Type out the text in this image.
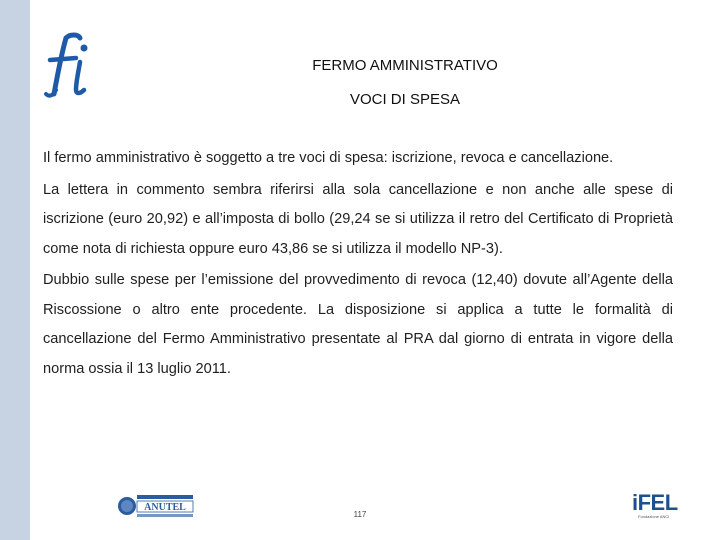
FERMO AMMINISTRATIVO
VOCI DI SPESA

Il fermo amministrativo è soggetto a tre voci di spesa: iscrizione, revoca e cancellazione.

La lettera in commento sembra riferirsi alla sola cancellazione e non anche alle spese di iscrizione (euro 20,92) e all’imposta di bollo (29,24 se si utilizza il retro del Certificato di Proprietà come nota di richiesta oppure euro 43,86 se si utilizza il modello NP-3).

Dubbio sulle spese per l’emissione del provvedimento di revoca (12,40) dovute all’Agente della Riscossione o altro ente procedente. La disposizione si applica a tutte le formalità di cancellazione del Fermo Amministrativo presentate al PRA dal giorno di entrata in vigore della norma ossia il 13 luglio 2011.

ANUTEL
117	iFEL
Fondazione ANCI
